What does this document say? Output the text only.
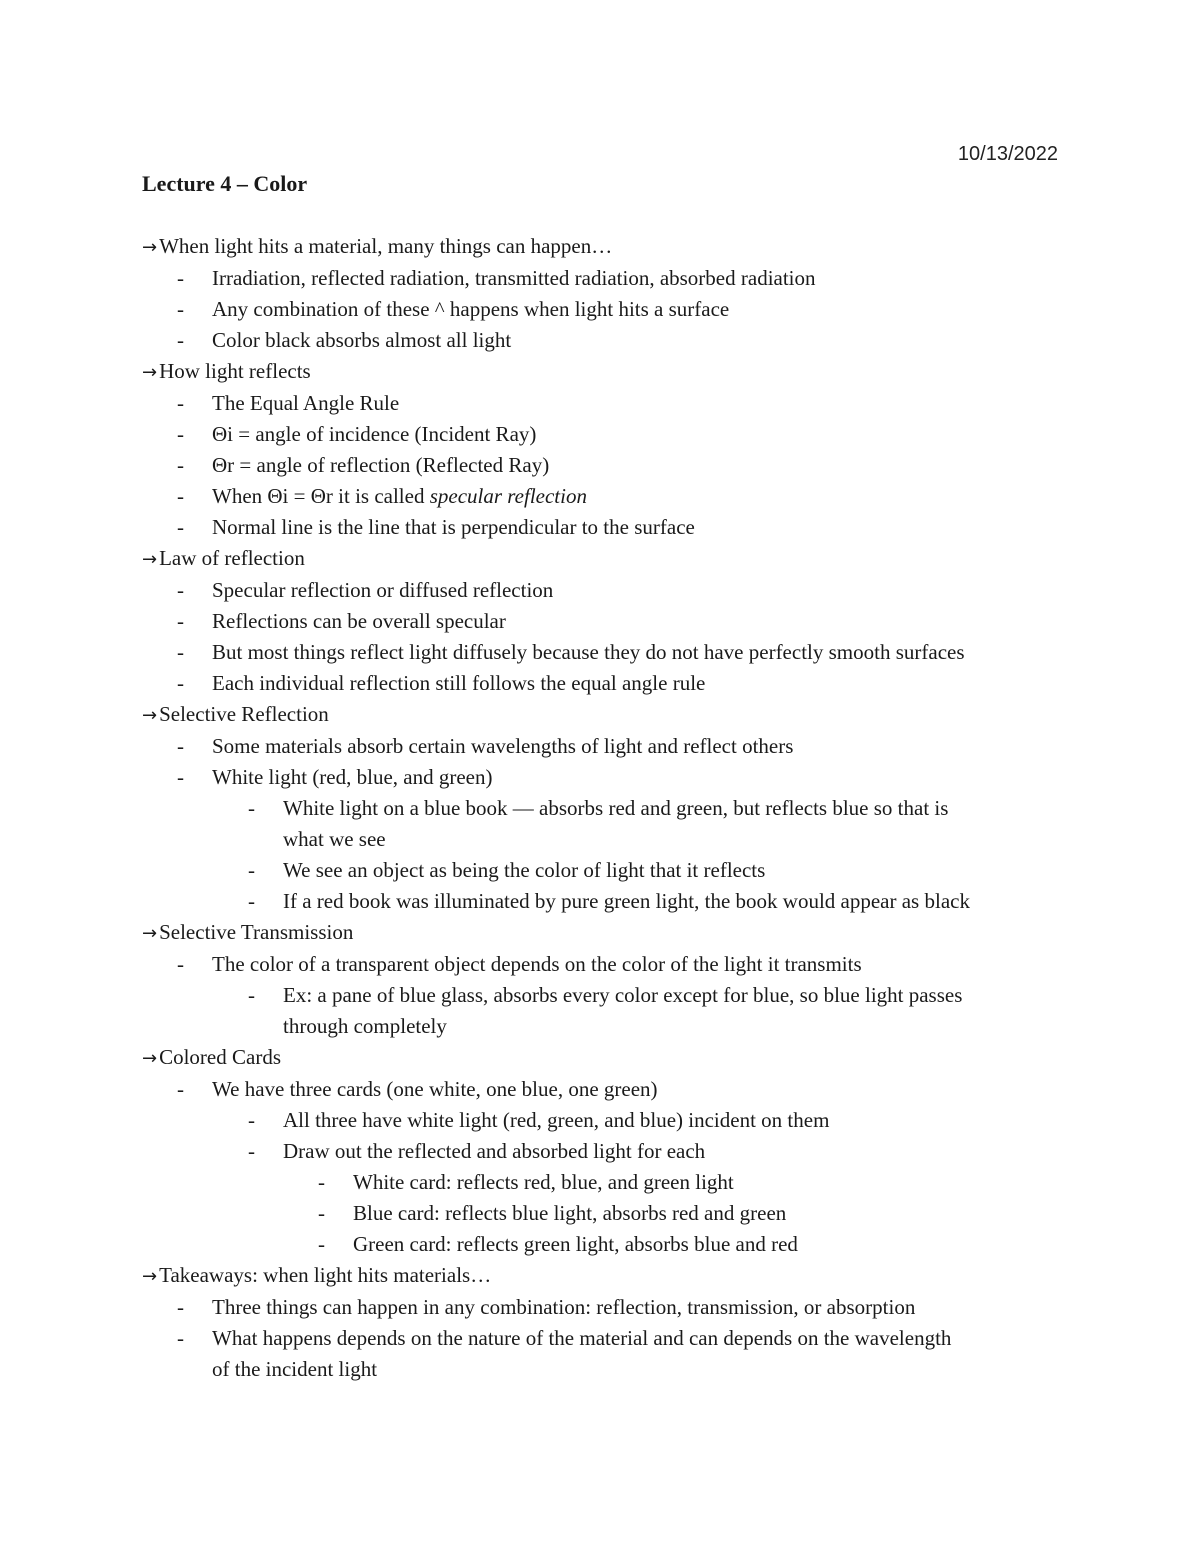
10/13/2022
Lecture 4 – Color
→When light hits a material, many things can happen…
- Irradiation, reflected radiation, transmitted radiation, absorbed radiation
- Any combination of these ^ happens when light hits a surface
- Color black absorbs almost all light
→How light reflects
- The Equal Angle Rule
- Θi = angle of incidence (Incident Ray)
- Θr = angle of reflection (Reflected Ray)
- When Θi = Θr it is called specular reflection
- Normal line is the line that is perpendicular to the surface
→Law of reflection
- Specular reflection or diffused reflection
- Reflections can be overall specular
- But most things reflect light diffusely because they do not have perfectly smooth surfaces
- Each individual reflection still follows the equal angle rule
→Selective Reflection
- Some materials absorb certain wavelengths of light and reflect others
- White light (red, blue, and green)
- White light on a blue book — absorbs red and green, but reflects blue so that is
what we see
- We see an object as being the color of light that it reflects
- If a red book was illuminated by pure green light, the book would appear as black
→Selective Transmission
- The color of a transparent object depends on the color of the light it transmits
- Ex: a pane of blue glass, absorbs every color except for blue, so blue light passes
through completely
→Colored Cards
- We have three cards (one white, one blue, one green)
- All three have white light (red, green, and blue) incident on them
- Draw out the reflected and absorbed light for each
- White card: reflects red, blue, and green light
- Blue card: reflects blue light, absorbs red and green
- Green card: reflects green light, absorbs blue and red
→Takeaways: when light hits materials…
- Three things can happen in any combination: reflection, transmission, or absorption
- What happens depends on the nature of the material and can depends on the wavelength
of the incident light
